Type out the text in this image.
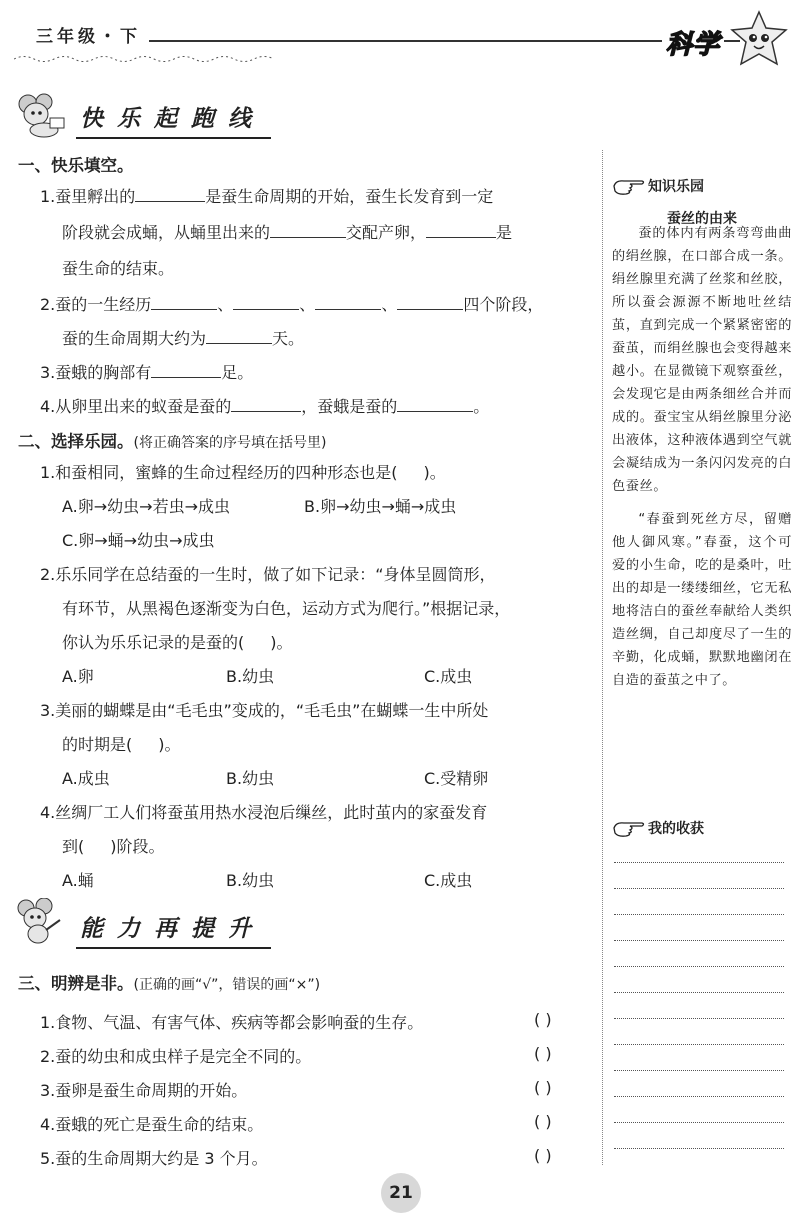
三年级・下	科学
快乐起跑线
一、快乐填空。
1.蚕里孵出的	是蚕生命周期的开始，蚕生长发育到一定
阶段就会成蛹，从蛹里出来的	交配产卵，	是
蚕生命的结束。
2.蚕的一生经历	、	、	、	四个阶段，
蚕的生命周期大约为	天。
3.蚕蛾的胸部有	足。
4.从卵里出来的蚁蚕是蚕的	，蚕蛾是蚕的	。
二、选择乐园。(将正确答案的序号填在括号里)
1.和蚕相同，蜜蜂的生命过程经历的四种形态也是( )。
A.卵→幼虫→若虫→成虫	B.卵→幼虫→蛹→成虫
C.卵→蛹→幼虫→成虫
2.乐乐同学在总结蚕的一生时，做了如下记录：“身体呈圆筒形，
有环节，从黑褐色逐渐变为白色，运动方式为爬行。”根据记录，
你认为乐乐记录的是蚕的( )。
A.卵	B.幼虫	C.成虫
3.美丽的蝴蝶是由“毛毛虫”变成的，“毛毛虫”在蝴蝶一生中所处
的时期是( )。
A.成虫	B.幼虫	C.受精卵
4.丝绸厂工人们将蚕茧用热水浸泡后缫丝，此时茧内的家蚕发育
到( )阶段。
A.蛹	B.幼虫	C.成虫
能力再提升
三、明辨是非。(正确的画“√”，错误的画“×”)
1.食物、气温、有害气体、疾病等都会影响蚕的生存。	( )
2.蚕的幼虫和成虫样子是完全不同的。	( )
3.蚕卵是蚕生命周期的开始。	( )
4.蚕蛾的死亡是蚕生命的结束。	( )
5.蚕的生命周期大约是 3 个月。	( )
知识乐园
蚕丝的由来

蚕的体内有两条弯弯曲曲的绢丝腺，在口部合成一条。绢丝腺里充满了丝浆和丝胶，所以蚕会源源不断地吐丝结茧，直到完成一个紧紧密密的蚕茧，而绢丝腺也会变得越来越小。在显微镜下观察蚕丝，会发现它是由两条细丝合并而成的。蚕宝宝从绢丝腺里分泌出液体，这种液体遇到空气就会凝结成为一条闪闪发亮的白色蚕丝。

“春蚕到死丝方尽，留赠他人御风寒。”春蚕，这个可爱的小生命，吃的是桑叶，吐出的却是一缕缕细丝，它无私地将洁白的蚕丝奉献给人类织造丝绸，自己却度尽了一生的辛勤，化成蛹，默默地幽闭在自造的蚕茧之中了。

我的收获
21
